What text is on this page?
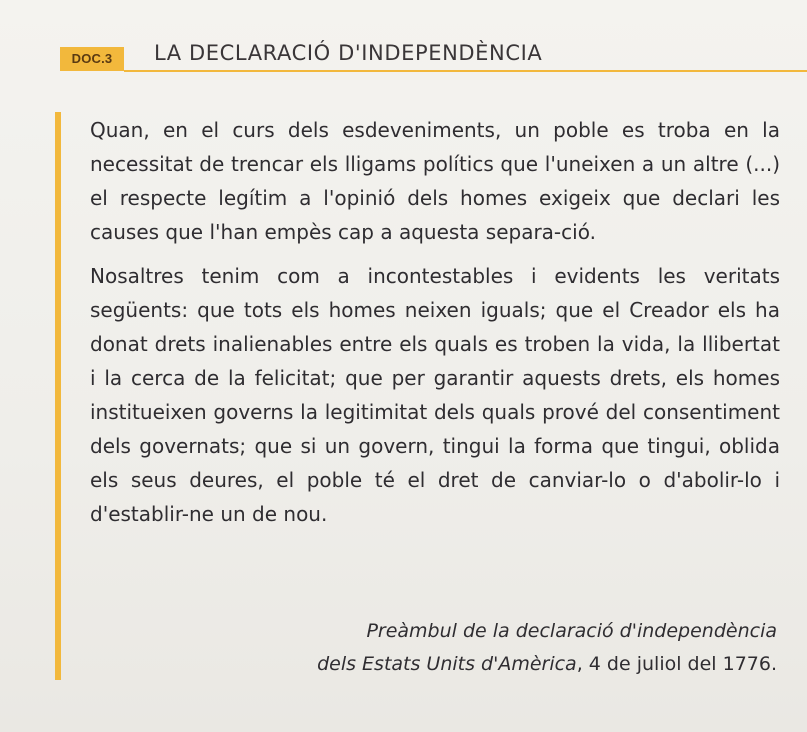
DOC.3	LA DECLARACIÓ D'INDEPENDÈNCIA

Quan, en el curs dels esdeveniments, un poble es troba en la necessitat de trencar els lligams polítics que l'uneixen a un altre (...) el respecte legítim a l'opinió dels homes exigeix que declari les causes que l'han empès cap a aquesta separa-ció.

Nosaltres tenim com a incontestables i evidents les veritats següents: que tots els homes neixen iguals; que el Creador els ha donat drets inalienables entre els quals es troben la vida, la llibertat i la cerca de la felicitat; que per garantir aquests drets, els homes institueixen governs la legitimitat dels quals prové del consentiment dels governats; que si un govern, tingui la forma que tingui, oblida els seus deures, el poble té el dret de canviar-lo o d'abolir-lo i d'establir-ne un de nou.

Preàmbul de la declaració d'independència
dels Estats Units d'Amèrica, 4 de juliol del 1776.
